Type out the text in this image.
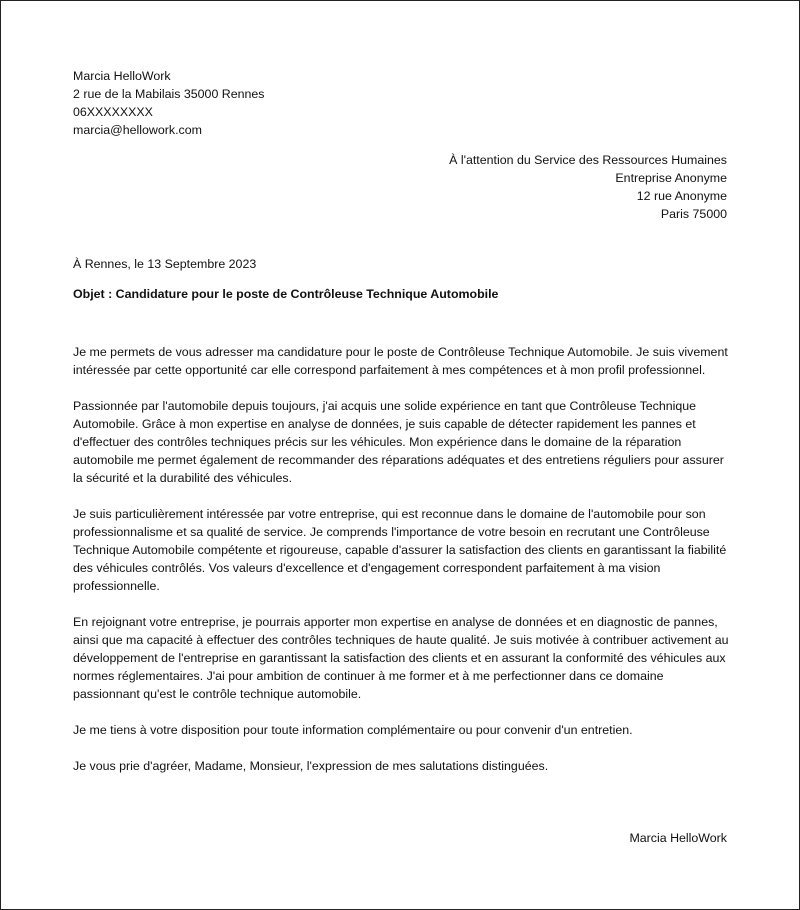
Marcia HelloWork
2 rue de la Mabilais 35000 Rennes
06XXXXXXXX
marcia@hellowork.com
À l'attention du Service des Ressources Humaines
Entreprise Anonyme
12 rue Anonyme
Paris 75000
À Rennes, le 13 Septembre 2023
Objet : Candidature pour le poste de Contrôleuse Technique Automobile

Je me permets de vous adresser ma candidature pour le poste de Contrôleuse Technique Automobile. Je suis vivement intéressée par cette opportunité car elle correspond parfaitement à mes compétences et à mon profil professionnel.

Passionnée par l'automobile depuis toujours, j'ai acquis une solide expérience en tant que Contrôleuse Technique Automobile. Grâce à mon expertise en analyse de données, je suis capable de détecter rapidement les pannes et d'effectuer des contrôles techniques précis sur les véhicules. Mon expérience dans le domaine de la réparation automobile me permet également de recommander des réparations adéquates et des entretiens réguliers pour assurer la sécurité et la durabilité des véhicules.

Je suis particulièrement intéressée par votre entreprise, qui est reconnue dans le domaine de l'automobile pour son professionnalisme et sa qualité de service. Je comprends l'importance de votre besoin en recrutant une Contrôleuse Technique Automobile compétente et rigoureuse, capable d'assurer la satisfaction des clients en garantissant la fiabilité des véhicules contrôlés. Vos valeurs d'excellence et d'engagement correspondent parfaitement à ma vision professionnelle.

En rejoignant votre entreprise, je pourrais apporter mon expertise en analyse de données et en diagnostic de pannes, ainsi que ma capacité à effectuer des contrôles techniques de haute qualité. Je suis motivée à contribuer activement au développement de l'entreprise en garantissant la satisfaction des clients et en assurant la conformité des véhicules aux normes réglementaires. J'ai pour ambition de continuer à me former et à me perfectionner dans ce domaine passionnant qu'est le contrôle technique automobile.

Je me tiens à votre disposition pour toute information complémentaire ou pour convenir d'un entretien.

Je vous prie d'agréer, Madame, Monsieur, l'expression de mes salutations distinguées.

Marcia HelloWork
